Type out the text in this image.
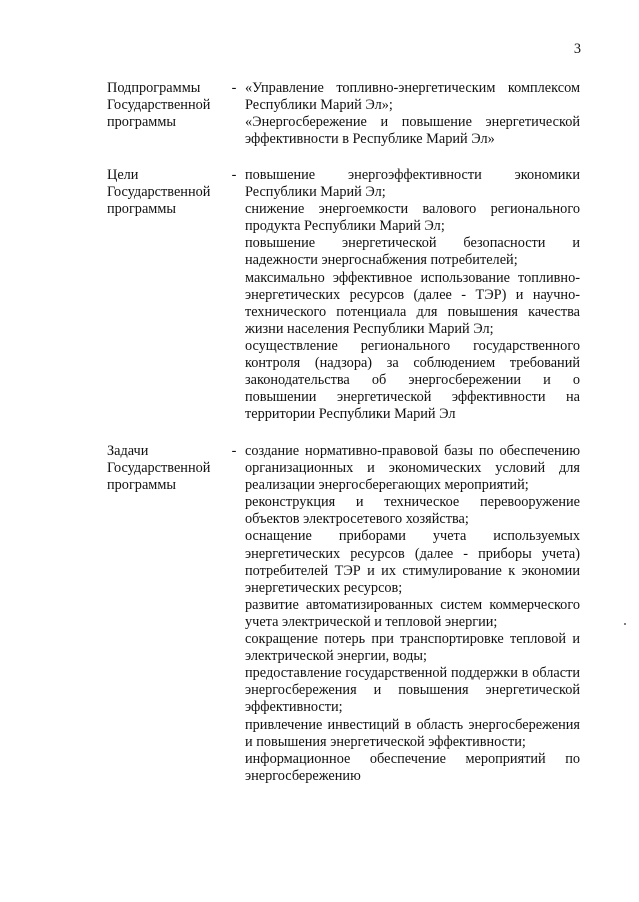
3
Подпрограммы Государственной программы
- «Управление топливно-энергетическим комплексом Республики Марий Эл»;

«Энергосбережение и повышение энергетической эффективности в Республике Марий Эл»

Цели Государственной программы
- повышение энергоэффективности экономики Республики Марий Эл;

снижение энергоемкости валового регионального продукта Республики Марий Эл;

повышение энергетической безопасности и надежности энергоснабжения потребителей;

максимально эффективное использование топливно-энергетических ресурсов (далее - ТЭР) и научно-технического потенциала для повышения качества жизни населения Республики Марий Эл;

осуществление регионального государственного контроля (надзора) за соблюдением требований законодательства об энергосбережении и о повышении энергетической эффективности на территории Республики Марий Эл

Задачи Государственной программы
- создание нормативно-правовой базы по обеспечению организационных и экономических условий для реализации энергосберегающих мероприятий;

реконструкция и техническое перевооружение объектов электросетевого хозяйства;

оснащение приборами учета используемых энергетических ресурсов (далее - приборы учета) потребителей ТЭР и их стимулирование к экономии энергетических ресурсов;

развитие автоматизированных систем коммерческого учета электрической и тепловой энергии;

сокращение потерь при транспортировке тепловой и электрической энергии, воды;

предоставление государственной поддержки в области энергосбережения и повышения энергетической эффективности;

привлечение инвестиций в область энергосбережения и повышения энергетической эффективности;

информационное обеспечение мероприятий по энергосбережению
